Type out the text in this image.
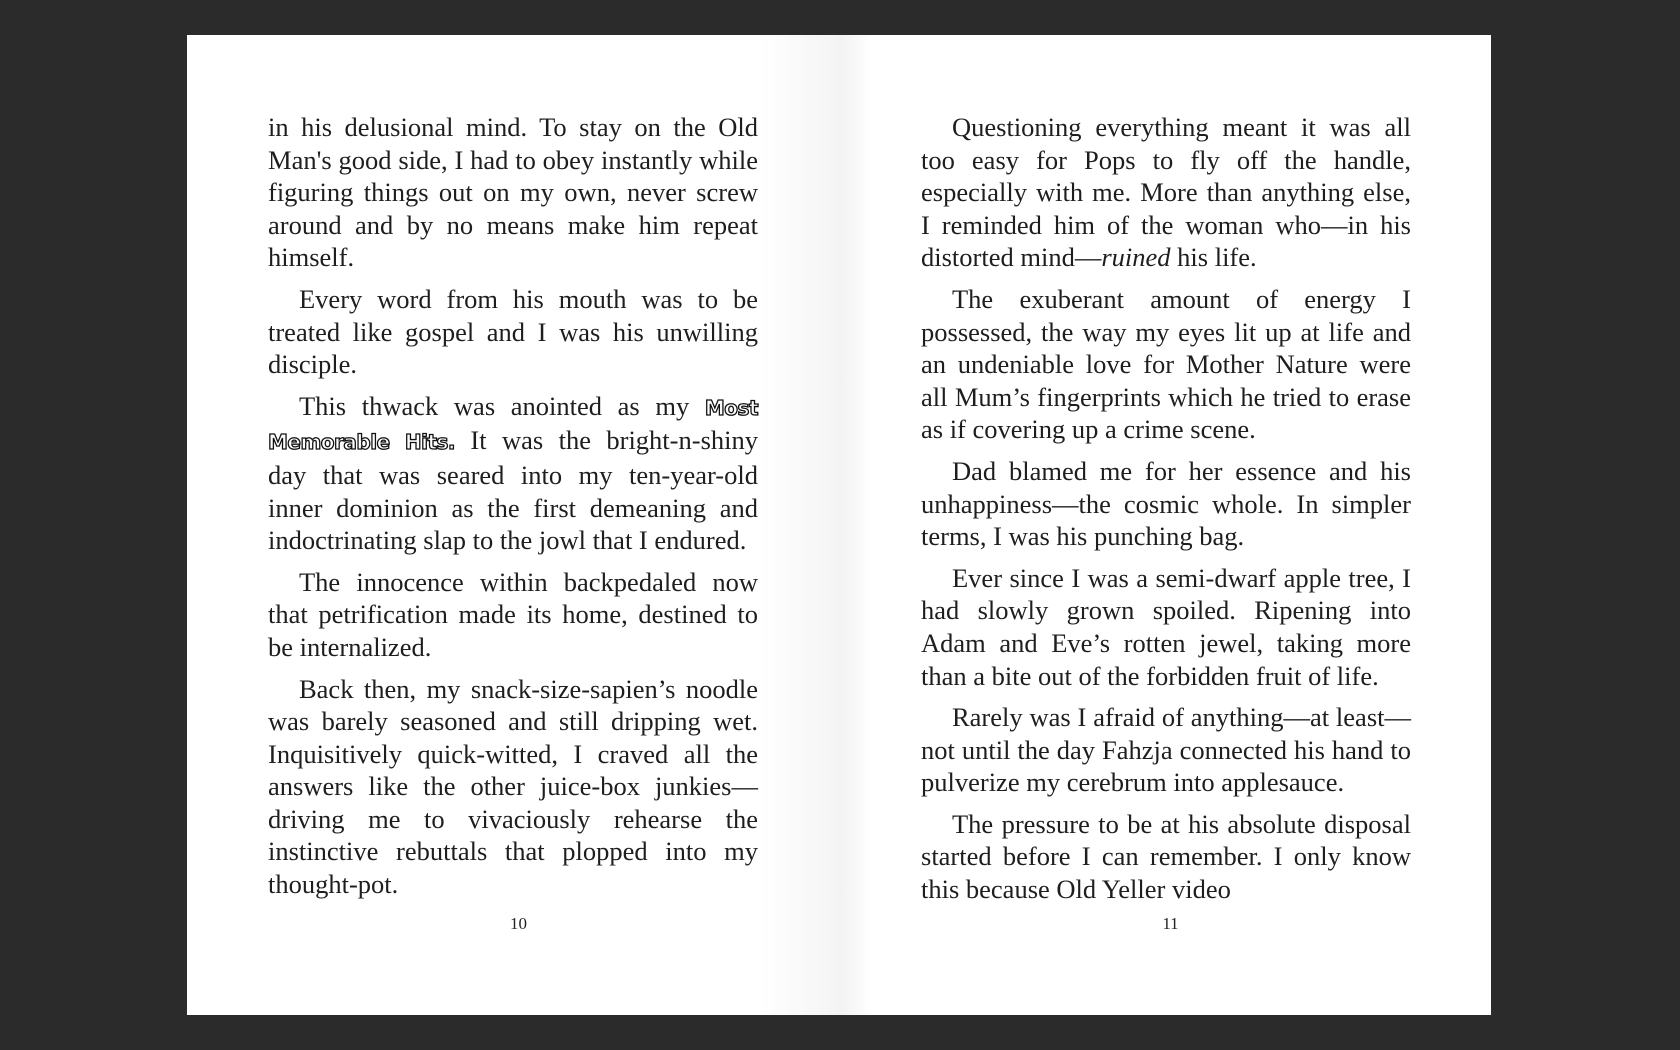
in his delusional mind. To stay on the Old Man's good side, I had to obey instantly while figuring things out on my own, never screw around and by no means make him repeat himself.

Every word from his mouth was to be treated like gospel and I was his unwilling disciple.

This thwack was anointed as my Most Memorable Hits. It was the bright-n-shiny day that was seared into my ten-year-old inner dominion as the first demeaning and indoctrinating slap to the jowl that I endured.

The innocence within backpedaled now that petrification made its home, destined to be internalized.

Back then, my snack-size-sapien’s noodle was barely seasoned and still dripping wet. Inquisitively quick-witted, I craved all the answers like the other juice-box junkies—driving me to vivaciously rehearse the instinctive rebuttals that plopped into my thought-pot.

10

Questioning everything meant it was all too easy for Pops to fly off the handle, especially with me. More than anything else, I reminded him of the woman who—in his distorted mind—ruined his life.

The exuberant amount of energy I possessed, the way my eyes lit up at life and an undeniable love for Mother Nature were all Mum’s fingerprints which he tried to erase as if covering up a crime scene.

Dad blamed me for her essence and his unhappiness—the cosmic whole. In simpler terms, I was his punching bag.

Ever since I was a semi-dwarf apple tree, I had slowly grown spoiled. Ripening into Adam and Eve’s rotten jewel, taking more than a bite out of the forbidden fruit of life.

Rarely was I afraid of anything—at least—not until the day Fahzja connected his hand to pulverize my cerebrum into applesauce.

The pressure to be at his absolute disposal started before I can remember. I only know this because Old Yeller video

11
